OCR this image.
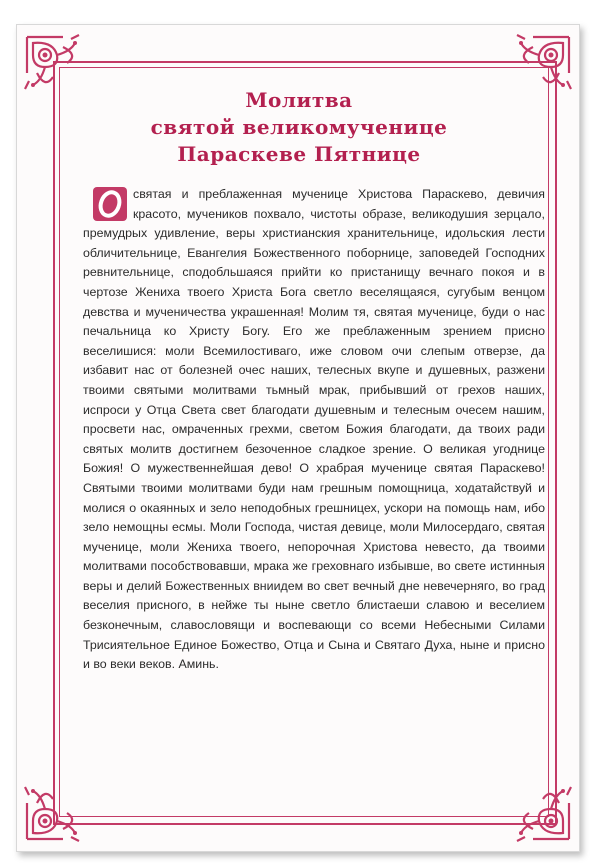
Молитва
святой великомученице
Параскеве Пятнице
святая и преблаженная мученице Христова Параскево, девичия красото, мучеников похвало, чистоты образе, великодушия зерцало, премудрых удивление, веры христианския хранительнице, идольския лести обличительнице, Евангелия Божественного поборнице, заповедей Господних ревнительнице, сподобльшаяся прийти ко пристанищу вечнаго покоя и в чертозе Жениха твоего Христа Бога светло веселящаяся, сугубым венцом девства и мученичества украшенная! Молим тя, святая мученице, буди о нас печальница ко Христу Богу. Его же преблаженным зрением присно веселишися: моли Всемилостиваго, иже словом очи слепым отверзе, да избавит нас от болезней очес наших, телесных вкупе и душевных, разжени твоими святыми молитвами тьмный мрак, прибывший от грехов наших, испроси у Отца Света свет благодати душевным и телесным очесем нашим, просвети нас, омраченных грехми, светом Божия благодати, да твоих ради святых молитв достигнем безоченное сладкое зрение. О великая угоднице Божия! О мужественнейшая дево! О храбрая мученице святая Параскево! Святыми твоими молитвами буди нам грешным помощница, ходатайствуй и молися о окаянных и зело неподобных грешницех, ускори на помощь нам, ибо зело немощны есмы. Моли Господа, чистая девице, моли Милосердаго, святая мученице, моли Жениха твоего, непорочная Христова невесто, да твоими молитвами пособствовавши, мрака же греховнаго избывше, во свете истинныя веры и делий Божественных вниидем во свет вечный дне невечерняго, во град веселия присного, в нейже ты ныне светло блистаеши славою и веселием безконечным, славословящи и воспевающи со всеми Небесными Силами Трисиятельное Единое Божество, Отца и Сына и Святаго Духа, ныне и присно и во веки веков. Аминь.
